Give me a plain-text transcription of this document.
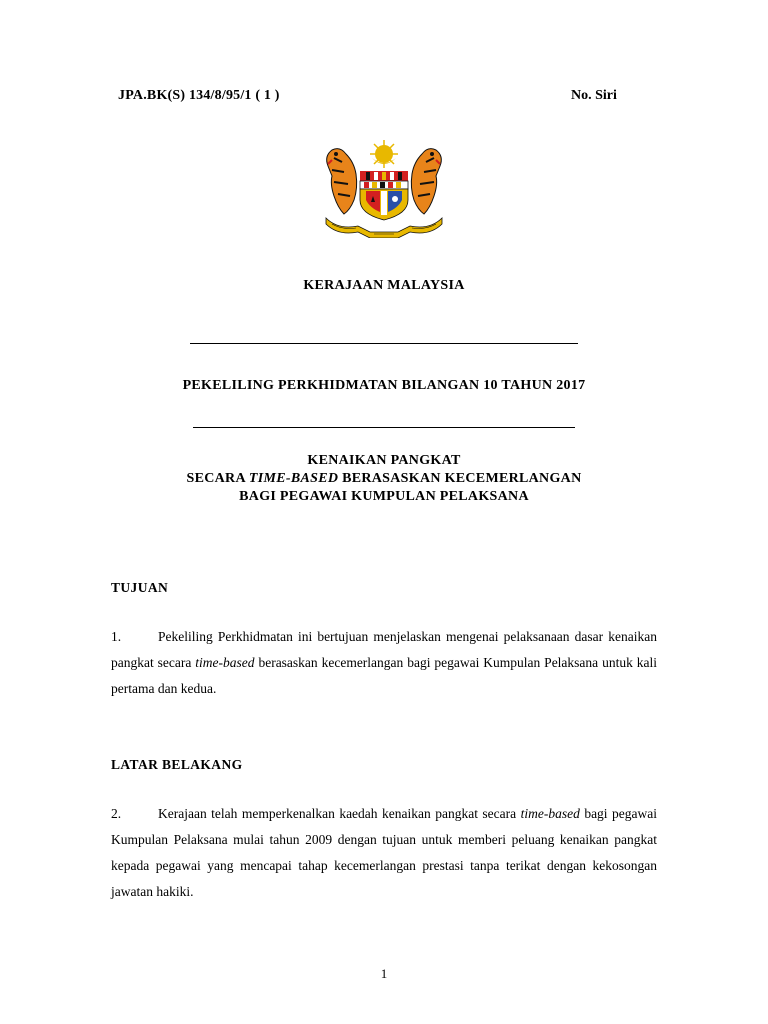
JPA.BK(S) 134/8/95/1 ( 1 )	No. Siri
KERAJAAN MALAYSIA
PEKELILING PERKHIDMATAN BILANGAN 10 TAHUN 2017
KENAIKAN PANGKAT
SECARA TIME-BASED BERASASKAN KECEMERLANGAN
BAGI PEGAWAI KUMPULAN PELAKSANA
TUJUAN
1.	Pekeliling Perkhidmatan ini bertujuan menjelaskan mengenai pelaksanaan dasar kenaikan pangkat secara time-based berasaskan kecemerlangan bagi pegawai Kumpulan Pelaksana untuk kali pertama dan kedua.
LATAR BELAKANG
2.	Kerajaan telah memperkenalkan kaedah kenaikan pangkat secara time-based bagi pegawai Kumpulan Pelaksana mulai tahun 2009 dengan tujuan untuk memberi peluang kenaikan pangkat kepada pegawai yang mencapai tahap kecemerlangan prestasi tanpa terikat dengan kekosongan jawatan hakiki.
1
